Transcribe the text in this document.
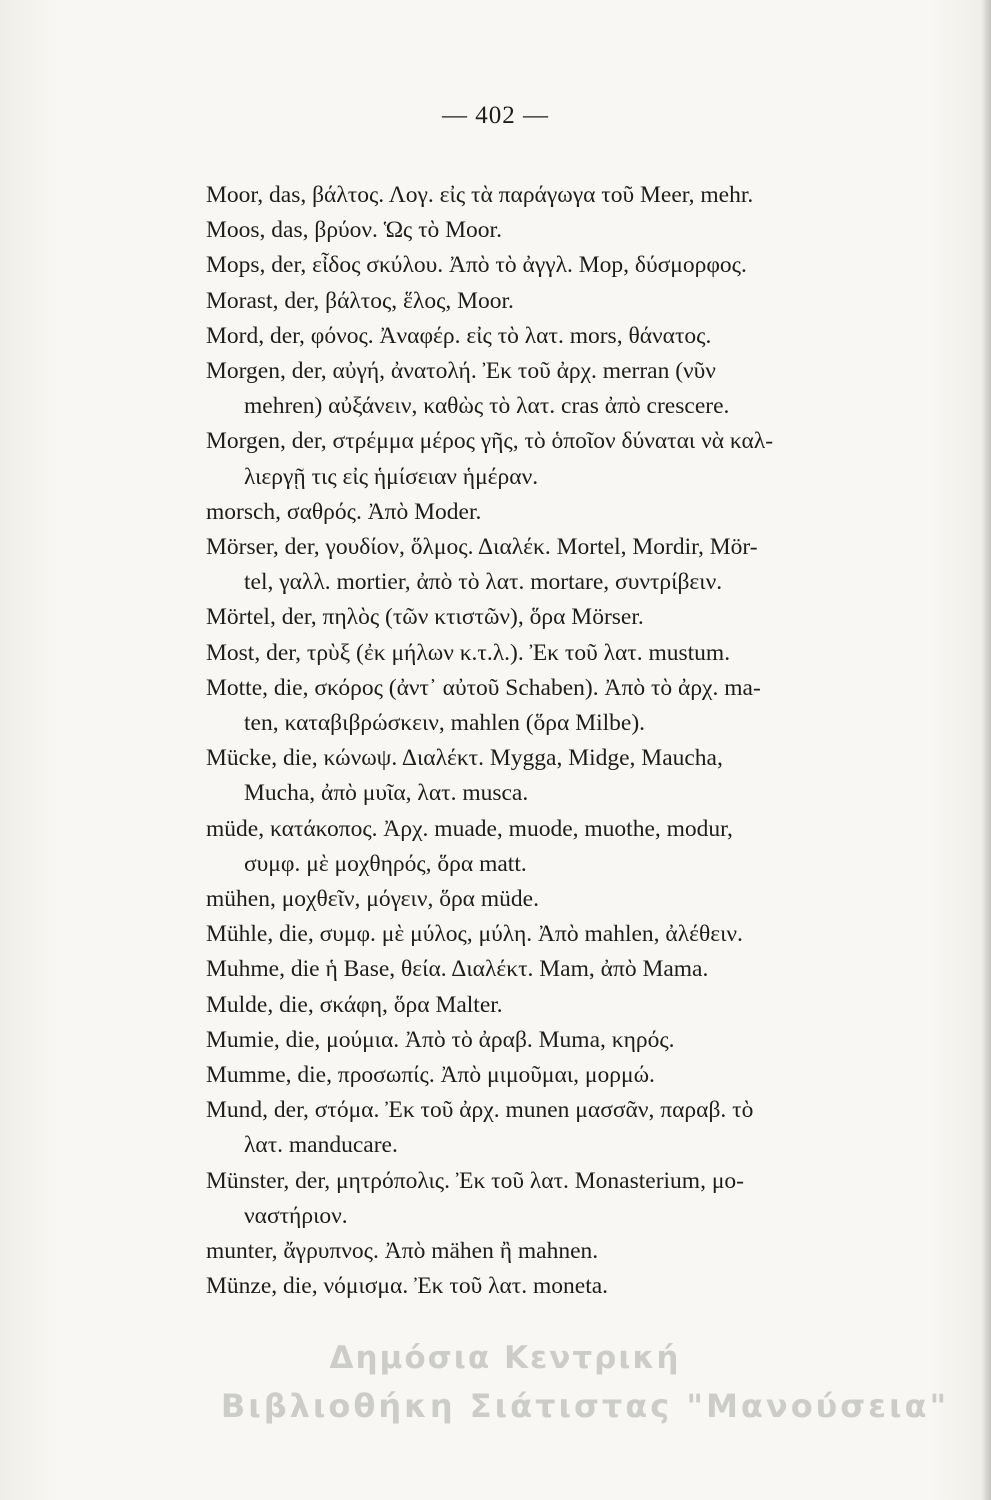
— 402 —
Moor, das, βάλτος. Λογ. εἰς τὰ παράγωγα τοῦ Meer, mehr.
Moos, das, βρύον. Ὡς τὸ Moor.
Mops, der, εἶδος σκύλου. Ἀπὸ τὸ ἀγγλ. Mop, δύσμορφος.
Morast, der, βάλτος, ἕλος, Moor.
Mord, der, φόνος. Ἀναφέρ. εἰς τὸ λατ. mors, θάνατος.
Morgen, der, αὐγή, ἀνατολή. Ἐκ τοῦ ἀρχ. merran (νῦν
mehren) αὐξάνειν, καθὼς τὸ λατ. cras ἀπὸ crescere.
Morgen, der, στρέμμα μέρος γῆς, τὸ ὁποῖον δύναται νὰ καλ-
λιεργῇ τις εἰς ἡμίσειαν ἡμέραν.
morsch, σαθρός. Ἀπὸ Moder.
Mörser, der, γουδίον, ὅλμος. Διαλέκ. Mortel, Mordir, Mör-
tel, γαλλ. mortier, ἀπὸ τὸ λατ. mortare, συντρίβειν.
Mörtel, der, πηλὸς (τῶν κτιστῶν), ὅρα Mörser.
Most, der, τρὺξ (ἐκ μήλων κ.τ.λ.). Ἐκ τοῦ λατ. mustum.
Motte, die, σκόρος (ἀντ᾽ αὐτοῦ Schaben). Ἀπὸ τὸ ἀρχ. ma-
ten, καταβιβρώσκειν, mahlen (ὅρα Milbe).
Mücke, die, κώνωψ. Διαλέκτ. Mygga, Midge, Maucha,
Mucha, ἀπὸ μυῖα, λατ. musca.
müde, κατάκοπος. Ἀρχ. muade, muode, muothe, modur,
συμφ. μὲ μοχθηρός, ὅρα matt.
mühen, μοχθεῖν, μόγειν, ὅρα müde.
Mühle, die, συμφ. μὲ μύλος, μύλη. Ἀπὸ mahlen, ἀλέθειν.
Muhme, die ἡ Base, θεία. Διαλέκτ. Mam, ἀπὸ Mama.
Mulde, die, σκάφη, ὅρα Malter.
Mumie, die, μούμια. Ἀπὸ τὸ ἀραβ. Muma, κηρός.
Mumme, die, προσωπίς. Ἀπὸ μιμοῦμαι, μορμώ.
Mund, der, στόμα. Ἐκ τοῦ ἀρχ. munen μασσᾶν, παραβ. τὸ
λατ. manducare.
Münster, der, μητρόπολις. Ἐκ τοῦ λατ. Monasterium, μο-
ναστήριον.
munter, ἄγρυπνος. Ἀπὸ mähen ἢ mahnen.
Münze, die, νόμισμα. Ἐκ τοῦ λατ. moneta.
Δημόσια Κεντρική
Βιβλιοθήκη Σιάτιστας "Μανούσεια"
